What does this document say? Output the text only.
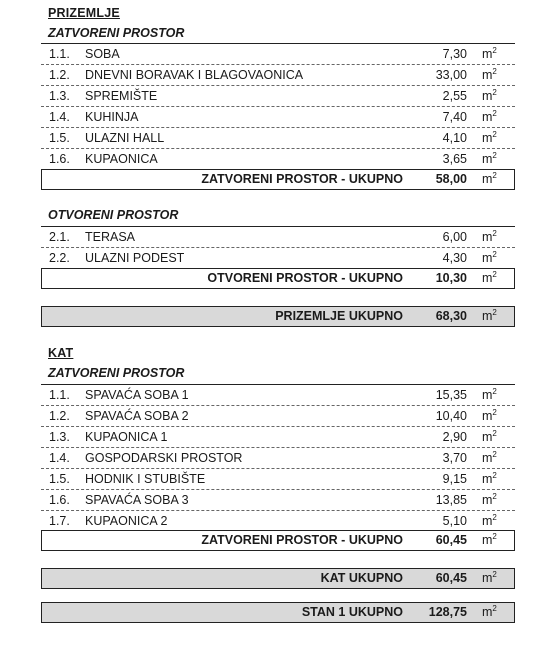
PRIZEMLJE
ZATVORENI PROSTOR
1.1. SOBA	7,30 $m^2$
1.2. DNEVNI BORAVAK I BLAGOVAONICA	33,00 $m^2$
1.3. SPREMIŠTE	2,55 $m^2$
1.4. KUHINJA	7,40 $m^2$
1.5. ULAZNI HALL	4,10 $m^2$
1.6. KUPAONICA	3,65 $m^2$
ZATVORENI PROSTOR - UKUPNO	58,00 $m^2$
OTVORENI PROSTOR
2.1. TERASA	6,00 $m^2$
2.2. ULAZNI PODEST	4,30 $m^2$
OTVORENI PROSTOR - UKUPNO	10,30 $m^2$
PRIZEMLJE UKUPNO	68,30 $m^2$
KAT
ZATVORENI PROSTOR
1.1. SPAVAĆA SOBA 1	15,35 $m^2$
1.2. SPAVAĆA SOBA 2	10,40 $m^2$
1.3. KUPAONICA 1	2,90 $m^2$
1.4. GOSPODARSKI PROSTOR	3,70 $m^2$
1.5. HODNIK I STUBIŠTE	9,15 $m^2$
1.6. SPAVAĆA SOBA 3	13,85 $m^2$
1.7. KUPAONICA 2	5,10 $m^2$
ZATVORENI PROSTOR - UKUPNO	60,45 $m^2$
KAT UKUPNO	60,45 $m^2$
STAN 1 UKUPNO 128,75 $m^2$
